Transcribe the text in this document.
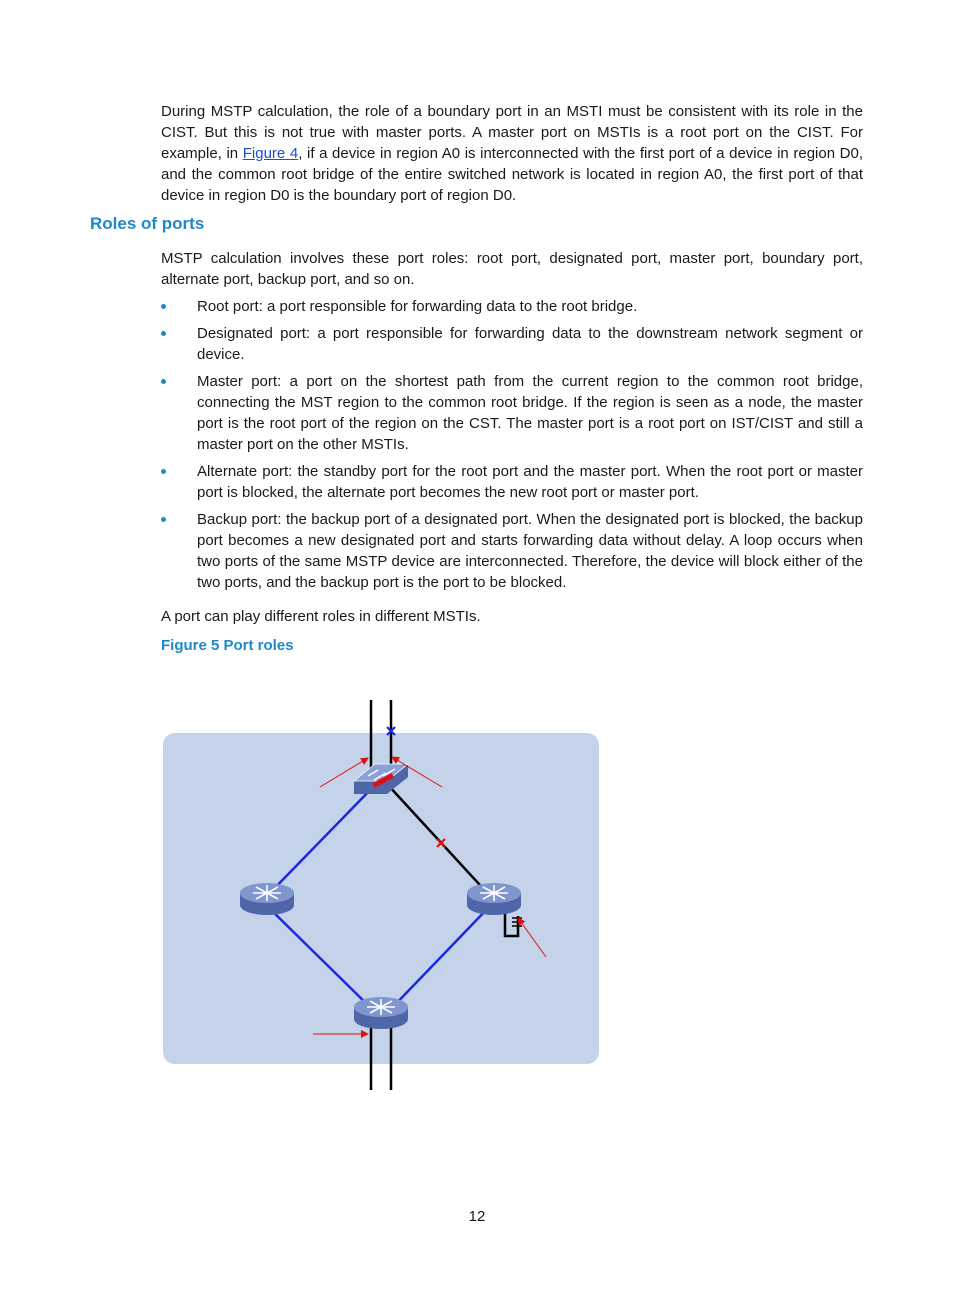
During MSTP calculation, the role of a boundary port in an MSTI must be consistent with its role in the CIST. But this is not true with master ports. A master port on MSTIs is a root port on the CIST. For example, in Figure 4, if a device in region A0 is interconnected with the first port of a device in region D0, and the common root bridge of the entire switched network is located in region A0, the first port of that device in region D0 is the boundary port of region D0.

Roles of ports

MSTP calculation involves these port roles: root port, designated port, master port, boundary port, alternate port, backup port, and so on.

Root port: a port responsible for forwarding data to the root bridge.
Designated port: a port responsible for forwarding data to the downstream network segment or device.
Master port: a port on the shortest path from the current region to the common root bridge, connecting the MST region to the common root bridge. If the region is seen as a node, the master port is the root port of the region on the CST. The master port is a root port on IST/CIST and still a master port on the other MSTIs.
Alternate port: the standby port for the root port and the master port. When the root port or master port is blocked, the alternate port becomes the new root port or master port.
Backup port: the backup port of a designated port. When the designated port is blocked, the backup port becomes a new designated port and starts forwarding data without delay. A loop occurs when two ports of the same MSTP device are interconnected. Therefore, the device will block either of the two ports, and the backup port is the port to be blocked.

A port can play different roles in different MSTIs.

Figure 5 Port roles

12
